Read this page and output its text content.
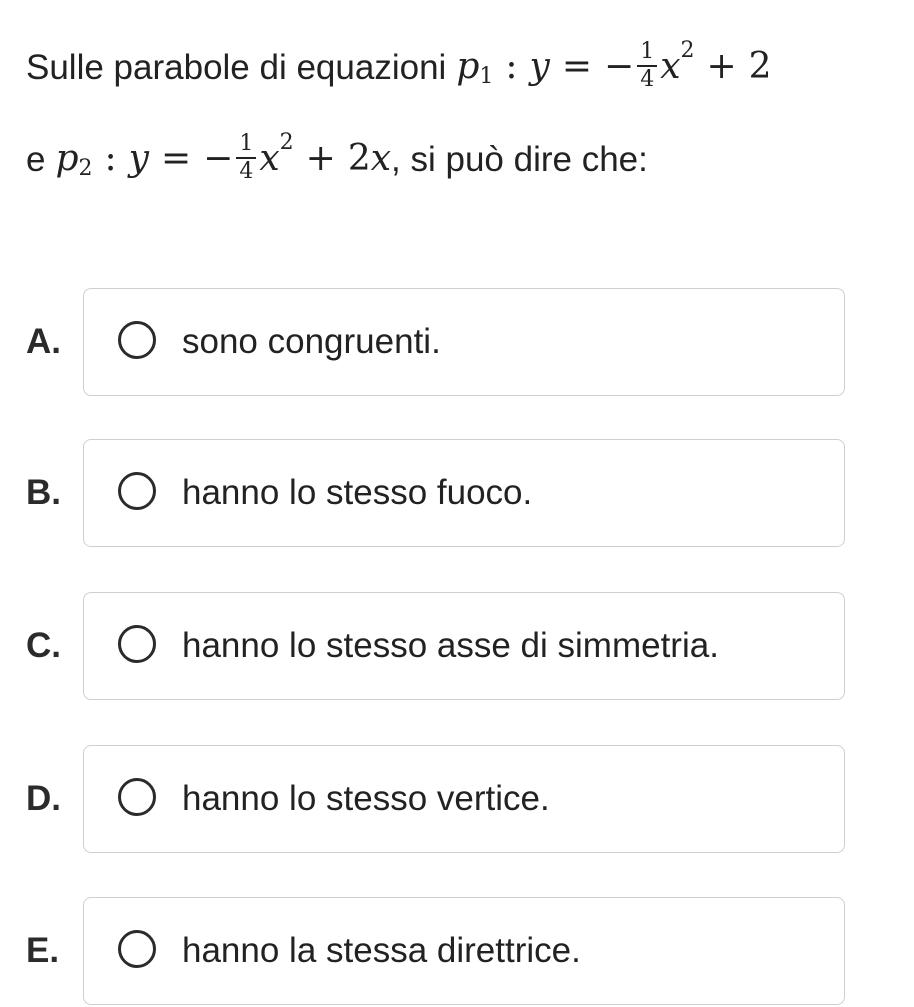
Sulle parabole di equazioni $p_1$ : y = − $\frac{1}{4} x^2 + 2$
e $p_2$ : y = − $\frac{1}{4} x^2 + 2$ x , si può dire che:
A.	sono congruenti.
B.	hanno lo stesso fuoco.
C.	hanno lo stesso asse di simmetria.
D.	hanno lo stesso vertice.
E.	hanno la stessa direttrice.
